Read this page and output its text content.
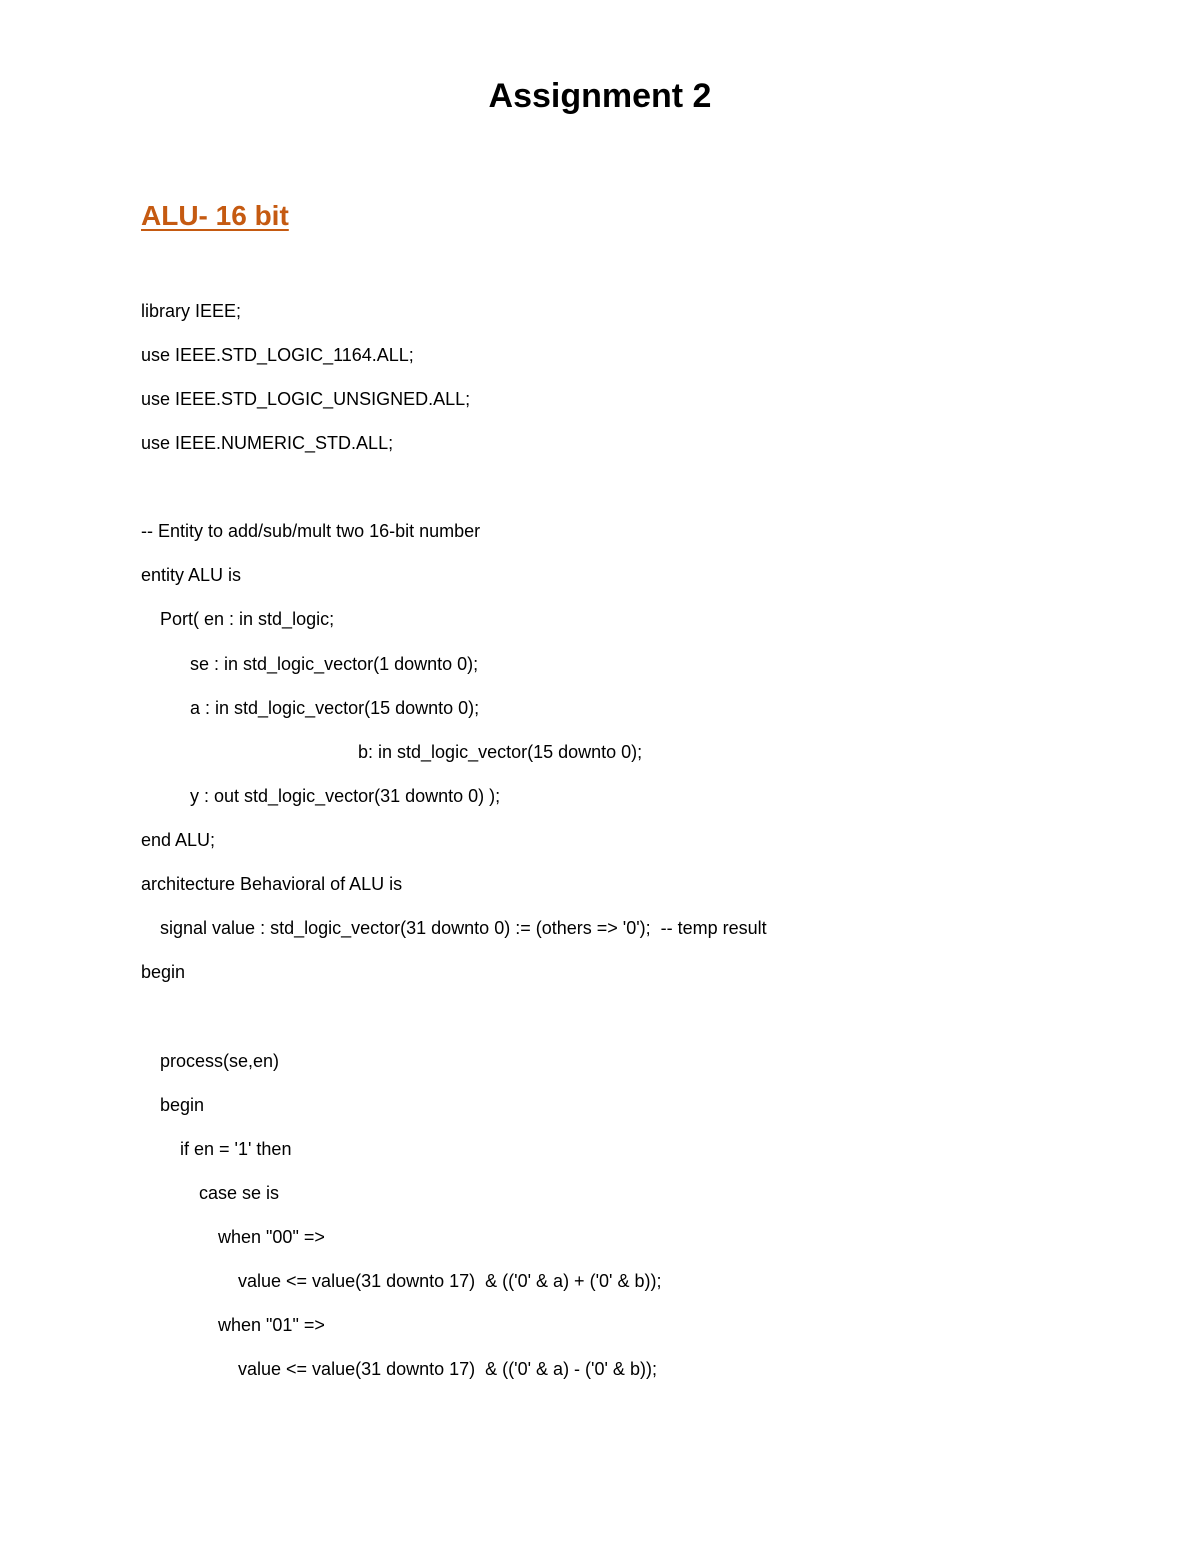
Assignment 2
ALU- 16 bit
library IEEE;
use IEEE.STD_LOGIC_1164.ALL;
use IEEE.STD_LOGIC_UNSIGNED.ALL;
use IEEE.NUMERIC_STD.ALL;
-- Entity to add/sub/mult two 16-bit number
entity ALU is
Port( en : in std_logic;
se : in std_logic_vector(1 downto 0);
a : in std_logic_vector(15 downto 0);
b: in std_logic_vector(15 downto 0);
y : out std_logic_vector(31 downto 0) );
end ALU;
architecture Behavioral of ALU is
signal value : std_logic_vector(31 downto 0) := (others => '0');  -- temp result
begin
process(se,en)
begin
if en = '1' then
case se is
when "00" =>
value <= value(31 downto 17)  & (('0' & a) + ('0' & b));
when "01" =>
value <= value(31 downto 17)  & (('0' & a) - ('0' & b));
